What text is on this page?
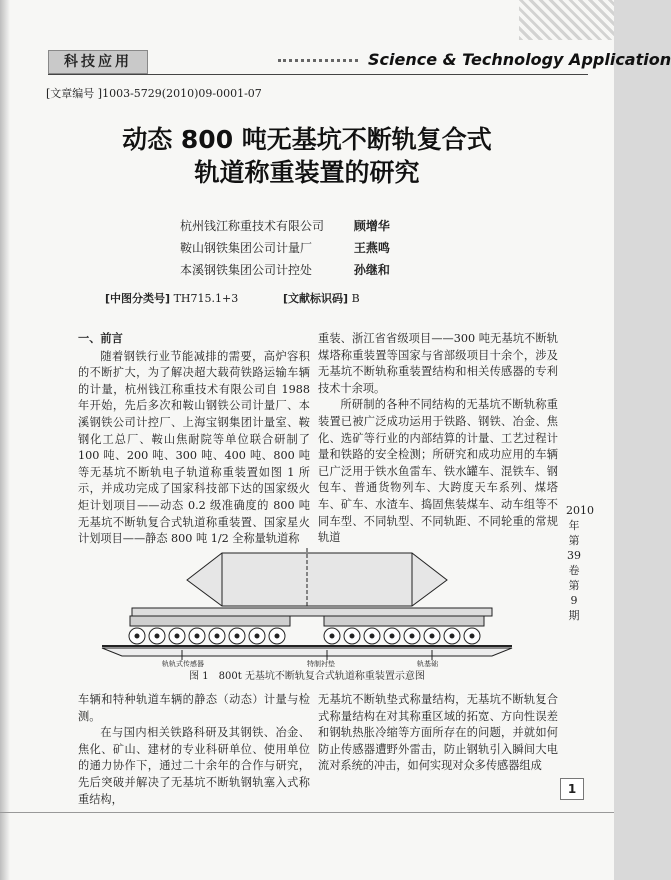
科技应用	Science & Technology Application
[文章编号 ]1003-5729(2010)09-0001-07
动态 800 吨无基坑不断轨复合式
轨道称重装置的研究
杭州钱江称重技术有限公司 顾增华
鞍山钢铁集团公司计量厂	王燕鸣
本溪钢铁集团公司计控处	孙继和
[中图分类号] TH715.1+3	[文献标识码] B

一、前言

随着钢铁行业节能减排的需要，高炉容积的不断扩大，为了解决超大载荷铁路运输车辆的计量，杭州钱江称重技术有限公司自 1988 年开始，先后多次和鞍山钢铁公司计量厂、本溪钢铁公司计控厂、上海宝钢集团计量室、鞍钢化工总厂、鞍山焦耐院等单位联合研制了 100 吨、200 吨、300 吨、400 吨、800 吨等无基坑不断轨电子轨道称重装置如图 1 所示，并成功完成了国家科技部下达的国家级火炬计划项目——动态 0.2 级准确度的 800 吨无基坑不断轨复合式轨道称重装置、国家星火计划项目——静态 800 吨 1/2 全称量轨道称

重装、浙江省省级项目——300 吨无基坑不断轨煤塔称重装置等国家与省部级项目十余个，涉及无基坑不断轨称重装置结构和相关传感器的专利技术十余项。

所研制的各种不同结构的无基坑不断轨称重装置已被广泛成功运用于铁路、钢铁、冶金、焦化、选矿等行业的内部结算的计量、工艺过程计量和铁路的安全检测；所研究和成功应用的车辆已广泛用于铁水鱼雷车、铁水罐车、混铁车、钢包车、普通货物列车、大跨度天车系列、煤塔车、矿车、水渣车、捣固焦装煤车、动车组等不同车型、不同轨型、不同轨距、不同轮重的常规轨道

轨轨式传感器	特制衬垫	轨基础
图 1　800t 无基坑不断轨复合式轨道称重装置示意图

车辆和特种轨道车辆的静态（动态）计量与检测。

在与国内相关铁路科研及其钢铁、冶金、焦化、矿山、建材的专业科研单位、使用单位的通力协作下，通过二十余年的合作与研究，先后突破并解决了无基坑不断轨钢轨塞入式称重结构，

无基坑不断轨垫式称量结构，无基坑不断轨复合式称量结构在对其称重区域的拓宽、方向性误差和钢轨热胀冷缩等方面所存在的问题，并就如何防止传感器遭野外雷击，防止钢轨引入瞬间大电流对系统的冲击，如何实现对众多传感器组成

2010年 第39卷 第9期
1
